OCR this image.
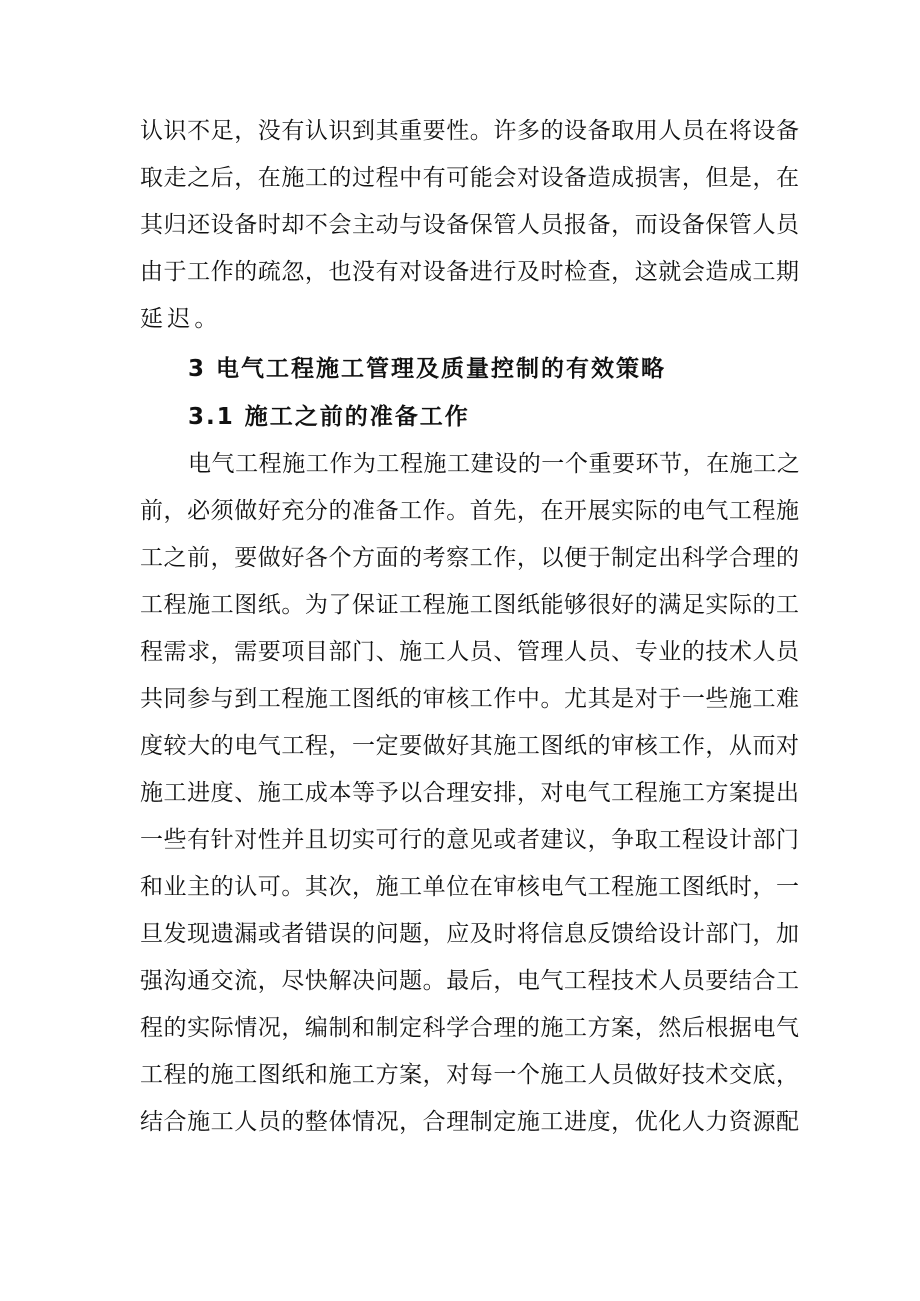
认识不足，没有认识到其重要性。许多的设备取用人员在将设备
取走之后，在施工的过程中有可能会对设备造成损害，但是，在
其归还设备时却不会主动与设备保管人员报备，而设备保管人员
由于工作的疏忽，也没有对设备进行及时检查，这就会造成工期
延迟。
3 电气工程施工管理及质量控制的有效策略
3.1 施工之前的准备工作
电气工程施工作为工程施工建设的一个重要环节，在施工之
前，必须做好充分的准备工作。首先，在开展实际的电气工程施
工之前，要做好各个方面的考察工作，以便于制定出科学合理的
工程施工图纸。为了保证工程施工图纸能够很好的满足实际的工
程需求，需要项目部门、施工人员、管理人员、专业的技术人员
共同参与到工程施工图纸的审核工作中。尤其是对于一些施工难
度较大的电气工程，一定要做好其施工图纸的审核工作，从而对
施工进度、施工成本等予以合理安排，对电气工程施工方案提出
一些有针对性并且切实可行的意见或者建议，争取工程设计部门
和业主的认可。其次，施工单位在审核电气工程施工图纸时，一
旦发现遗漏或者错误的问题，应及时将信息反馈给设计部门，加
强沟通交流，尽快解决问题。最后，电气工程技术人员要结合工
程的实际情况，编制和制定科学合理的施工方案，然后根据电气
工程的施工图纸和施工方案，对每一个施工人员做好技术交底，
结合施工人员的整体情况，合理制定施工进度，优化人力资源配
